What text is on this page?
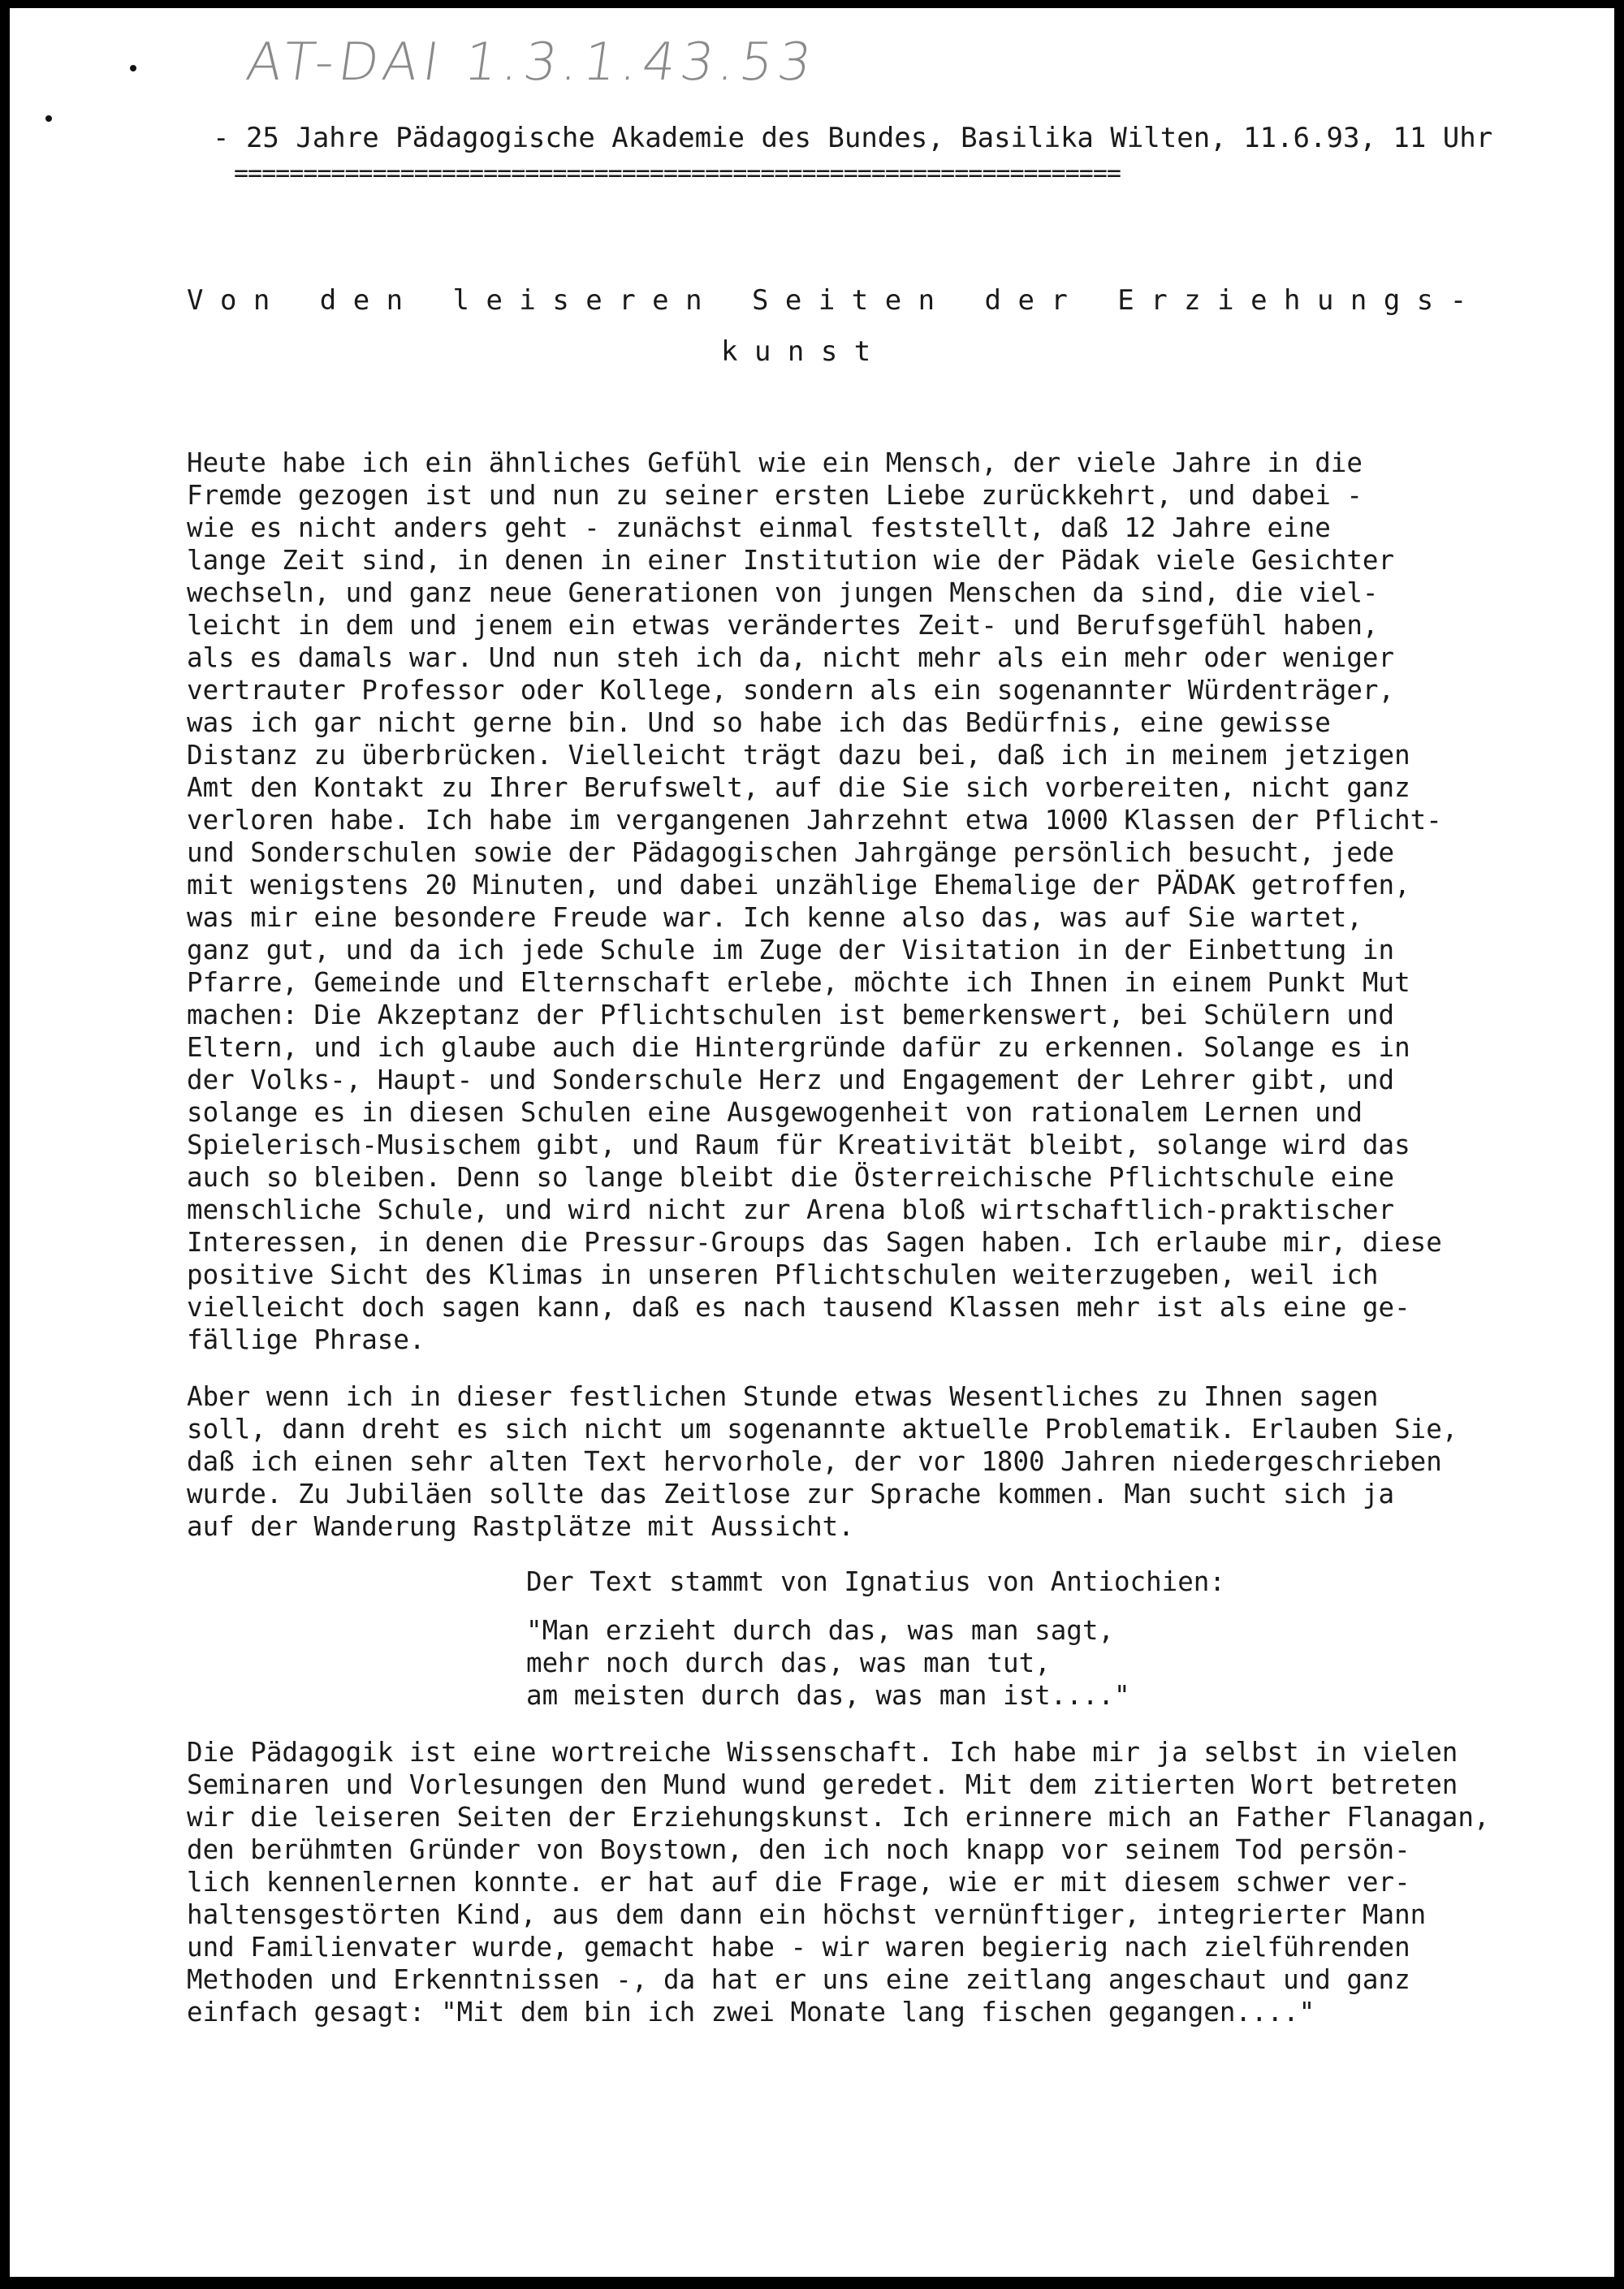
AT-DAI 1.3.1.43.53
- 25 Jahre Pädagogische Akademie des Bundes, Basilika Wilten, 11.6.93, 11 Uhr
================================================================
V o n   d e n   l e i s e r e n   S e i t e n   d e r   E r z i e h u n g s -
k u n s t
Heute habe ich ein ähnliches Gefühl wie ein Mensch, der viele Jahre in die
Fremde gezogen ist und nun zu seiner ersten Liebe zurückkehrt, und dabei -
wie es nicht anders geht - zunächst einmal feststellt, daß 12 Jahre eine
lange Zeit sind, in denen in einer Institution wie der Pädak viele Gesichter
wechseln, und ganz neue Generationen von jungen Menschen da sind, die viel-
leicht in dem und jenem ein etwas verändertes Zeit- und Berufsgefühl haben,
als es damals war. Und nun steh ich da, nicht mehr als ein mehr oder weniger
vertrauter Professor oder Kollege, sondern als ein sogenannter Würdenträger,
was ich gar nicht gerne bin. Und so habe ich das Bedürfnis, eine gewisse
Distanz zu überbrücken. Vielleicht trägt dazu bei, daß ich in meinem jetzigen
Amt den Kontakt zu Ihrer Berufswelt, auf die Sie sich vorbereiten, nicht ganz
verloren habe. Ich habe im vergangenen Jahrzehnt etwa 1000 Klassen der Pflicht-
und Sonderschulen sowie der Pädagogischen Jahrgänge persönlich besucht, jede
mit wenigstens 20 Minuten, und dabei unzählige Ehemalige der PÄDAK getroffen,
was mir eine besondere Freude war. Ich kenne also das, was auf Sie wartet,
ganz gut, und da ich jede Schule im Zuge der Visitation in der Einbettung in
Pfarre, Gemeinde und Elternschaft erlebe, möchte ich Ihnen in einem Punkt Mut
machen: Die Akzeptanz der Pflichtschulen ist bemerkenswert, bei Schülern und
Eltern, und ich glaube auch die Hintergründe dafür zu erkennen. Solange es in
der Volks-, Haupt- und Sonderschule Herz und Engagement der Lehrer gibt, und
solange es in diesen Schulen eine Ausgewogenheit von rationalem Lernen und
Spielerisch-Musischem gibt, und Raum für Kreativität bleibt, solange wird das
auch so bleiben. Denn so lange bleibt die Österreichische Pflichtschule eine
menschliche Schule, und wird nicht zur Arena bloß wirtschaftlich-praktischer
Interessen, in denen die Pressur-Groups das Sagen haben. Ich erlaube mir, diese
positive Sicht des Klimas in unseren Pflichtschulen weiterzugeben, weil ich
vielleicht doch sagen kann, daß es nach tausend Klassen mehr ist als eine ge-
fällige Phrase.
Aber wenn ich in dieser festlichen Stunde etwas Wesentliches zu Ihnen sagen
soll, dann dreht es sich nicht um sogenannte aktuelle Problematik. Erlauben Sie,
daß ich einen sehr alten Text hervorhole, der vor 1800 Jahren niedergeschrieben
wurde. Zu Jubiläen sollte das Zeitlose zur Sprache kommen. Man sucht sich ja
auf der Wanderung Rastplätze mit Aussicht.
Der Text stammt von Ignatius von Antiochien:
"Man erzieht durch das, was man sagt,
mehr noch durch das, was man tut,
am meisten durch das, was man ist...."
Die Pädagogik ist eine wortreiche Wissenschaft. Ich habe mir ja selbst in vielen
Seminaren und Vorlesungen den Mund wund geredet. Mit dem zitierten Wort betreten
wir die leiseren Seiten der Erziehungskunst. Ich erinnere mich an Father Flanagan,
den berühmten Gründer von Boystown, den ich noch knapp vor seinem Tod persön-
lich kennenlernen konnte. er hat auf die Frage, wie er mit diesem schwer ver-
haltensgestörten Kind, aus dem dann ein höchst vernünftiger, integrierter Mann
und Familienvater wurde, gemacht habe - wir waren begierig nach zielführenden
Methoden und Erkenntnissen -, da hat er uns eine zeitlang angeschaut und ganz
einfach gesagt: "Mit dem bin ich zwei Monate lang fischen gegangen...."
